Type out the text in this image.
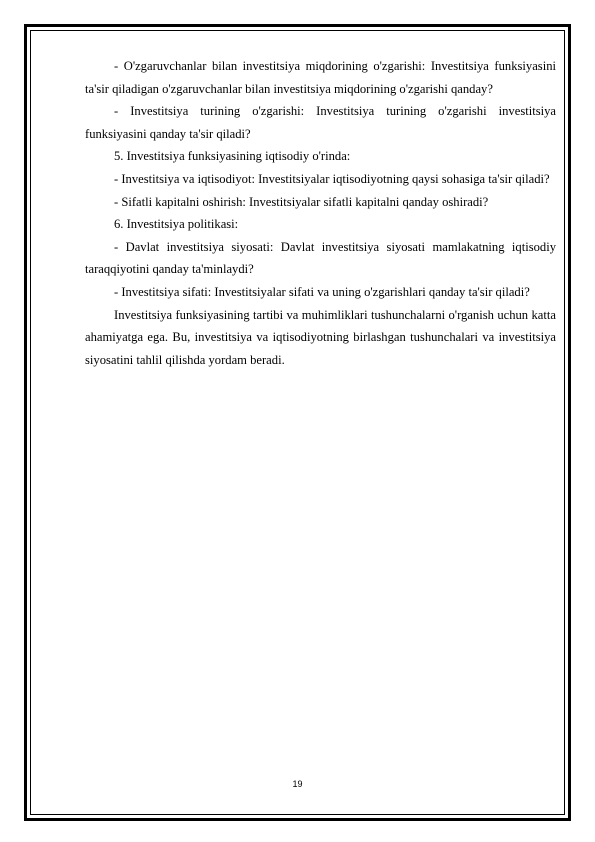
- O'zgaruvchanlar bilan investitsiya miqdorining o'zgarishi: Investitsiya funksiyasini ta'sir qiladigan o'zgaruvchanlar bilan investitsiya miqdorining o'zgarishi qanday?

- Investitsiya turining o'zgarishi: Investitsiya turining o'zgarishi investitsiya funksiyasini qanday ta'sir qiladi?

5. Investitsiya funksiyasining iqtisodiy o'rinda:

- Investitsiya va iqtisodiyot: Investitsiyalar iqtisodiyotning qaysi sohasiga ta'sir qiladi?

- Sifatli kapitalni oshirish: Investitsiyalar sifatli kapitalni qanday oshiradi?

6. Investitsiya politikasi:

- Davlat investitsiya siyosati: Davlat investitsiya siyosati mamlakatning iqtisodiy taraqqiyotini qanday ta'minlaydi?

- Investitsiya sifati: Investitsiyalar sifati va uning o'zgarishlari qanday ta'sir qiladi?

Investitsiya funksiyasining tartibi va muhimliklari tushunchalarni o'rganish uchun katta ahamiyatga ega. Bu, investitsiya va iqtisodiyotning birlashgan tushunchalari va investitsiya siyosatini tahlil qilishda yordam beradi.

19
